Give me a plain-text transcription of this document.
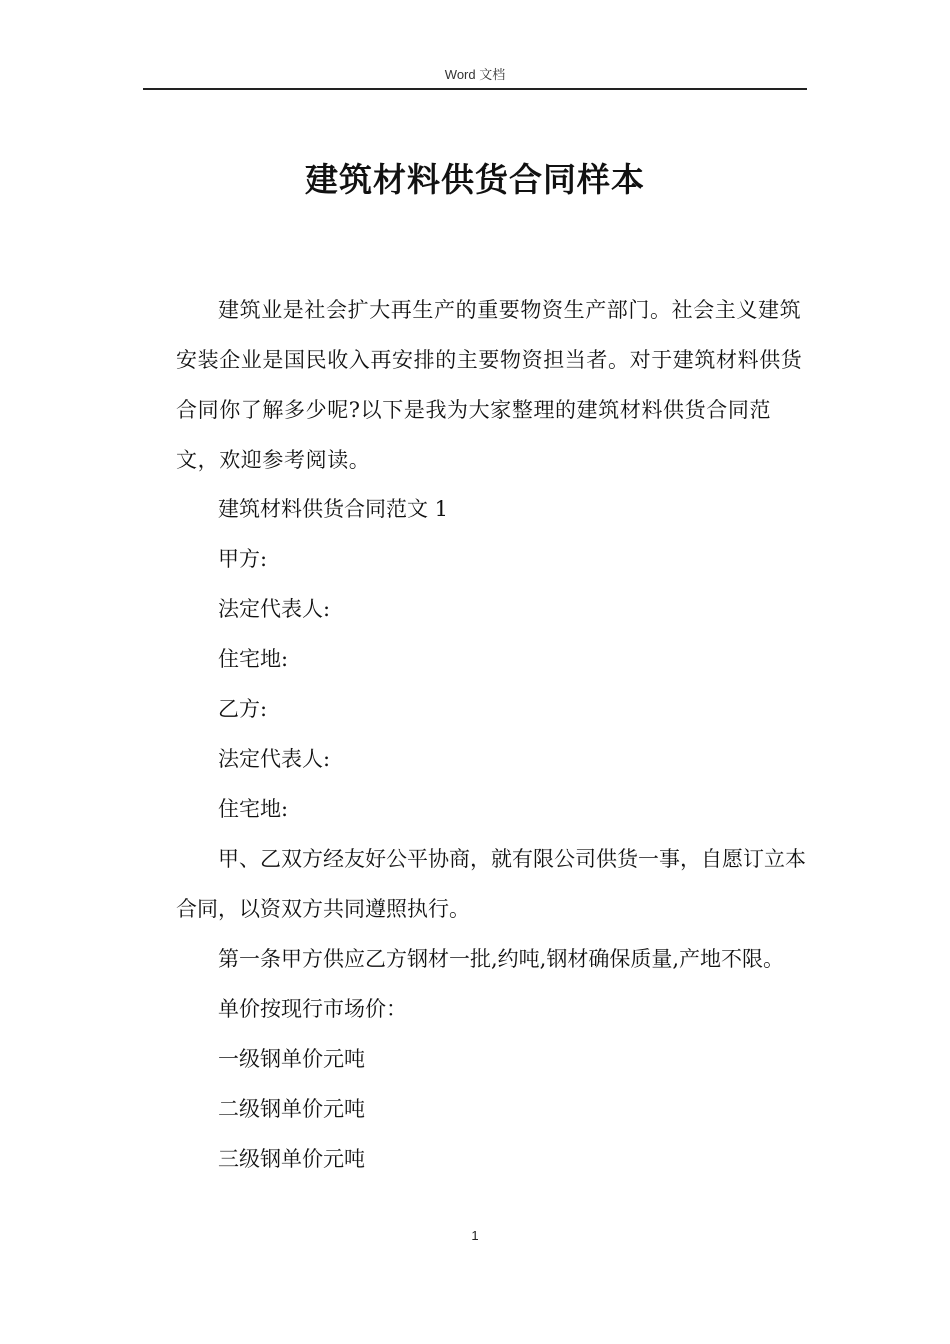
Word 文档
建筑材料供货合同样本

建筑业是社会扩大再生产的重要物资生产部门。社会主义建筑安装企业是国民收入再安排的主要物资担当者。对于建筑材料供货合同你了解多少呢?以下是我为大家整理的建筑材料供货合同范文，欢迎参考阅读。

建筑材料供货合同范文 1

甲方:

法定代表人:

住宅地:

乙方:

法定代表人:

住宅地:

甲、乙双方经友好公平协商，就有限公司供货一事，自愿订立本合同，以资双方共同遵照执行。

第一条甲方供应乙方钢材一批,约吨,钢材确保质量,产地不限。

单价按现行市场价：

一级钢单价元吨

二级钢单价元吨

三级钢单价元吨

1
